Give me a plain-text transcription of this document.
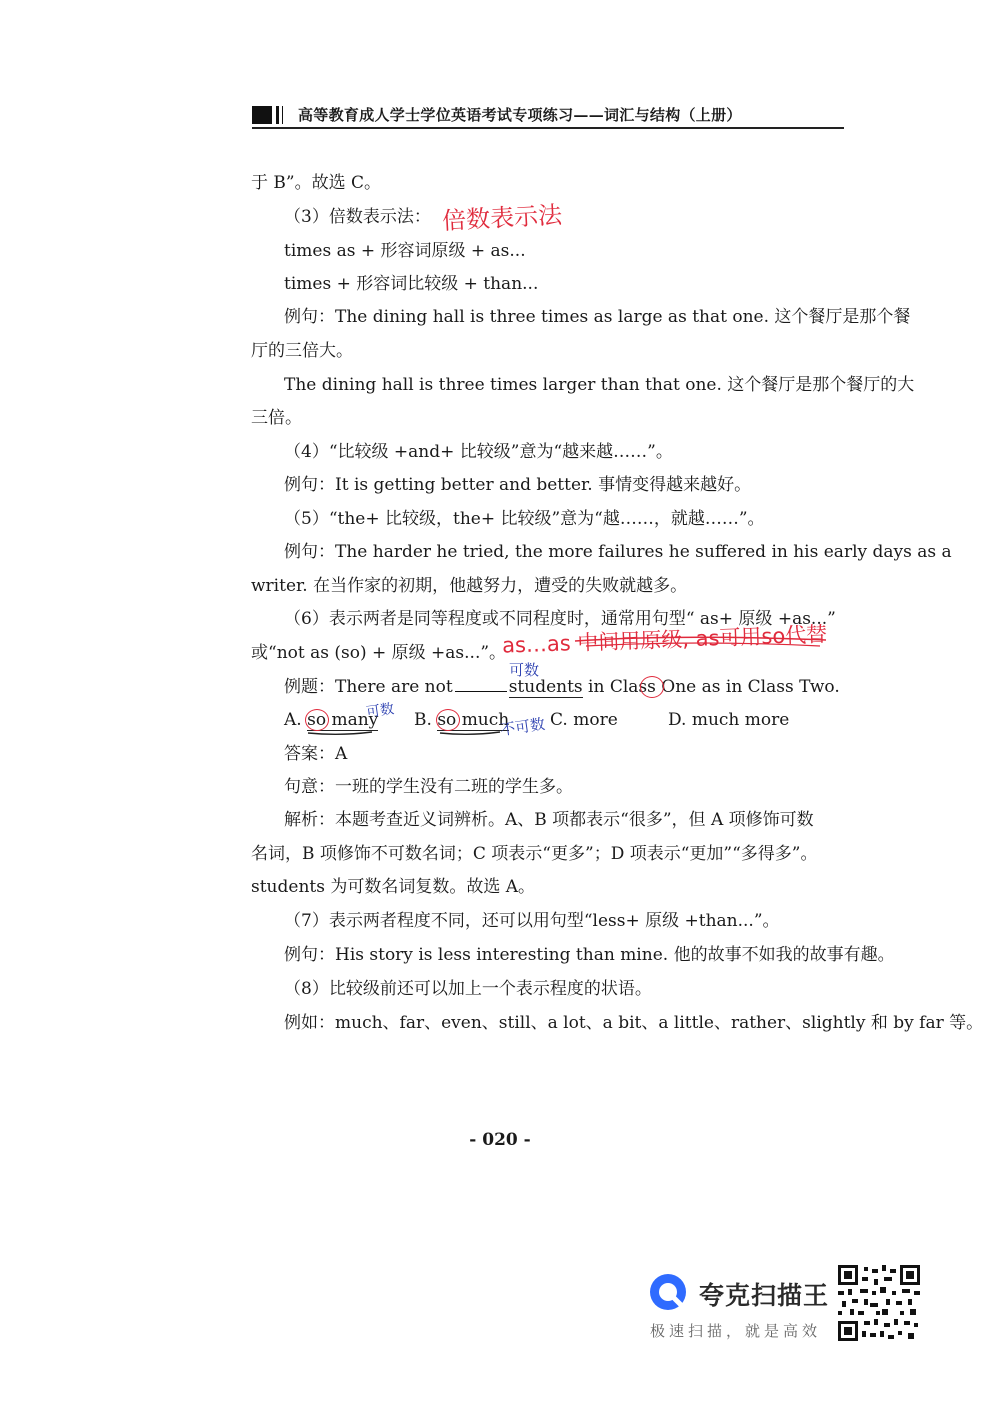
高等教育成人学士学位英语考试专项练习——词汇与结构（上册）
于 B”。故选 C。
（3）倍数表示法：
times as + 形容词原级 + as...
times + 形容词比较级 + than...
例句：The dining hall is three times as large as that one. 这个餐厅是那个餐
厅的三倍大。
The dining hall is three times larger than that one. 这个餐厅是那个餐厅的大
三倍。
（4）“比较级 +and+ 比较级”意为“越来越……”。
例句：It is getting better and better. 事情变得越来越好。
（5）“the+ 比较级，the+ 比较级”意为“越……，就越……”。
例句：The harder he tried, the more failures he suffered in his early days as a
writer. 在当作家的初期，他越努力，遭受的失败就越多。
（6）表示两者是同等程度或不同程度时，通常用句型“ as+ 原级 +as...”
或“not as (so) + 原级 +as...”。
例题：There are not	students in Class One as in Class Two.
A. so many B. so much C. more	D. much more
答案：A
句意：一班的学生没有二班的学生多。
解析：本题考查近义词辨析。A、B 项都表示“很多”，但 A 项修饰可数
名词，B 项修饰不可数名词；C 项表示“更多”；D 项表示“更加”“多得多”。
students 为可数名词复数。故选 A。
（7）表示两者程度不同，还可以用句型“less+ 原级 +than...”。
例句：His story is less interesting than mine. 他的故事不如我的故事有趣。
（8）比较级前还可以加上一个表示程度的状语。
例如：much、far、even、still、a lot、a bit、a little、rather、slightly 和 by far 等。
- 020 -
倍数表示法
as…as 中间用原级, as可用so代替
可数
可数
不可数
夸克扫描王
极速扫描，就是高效
